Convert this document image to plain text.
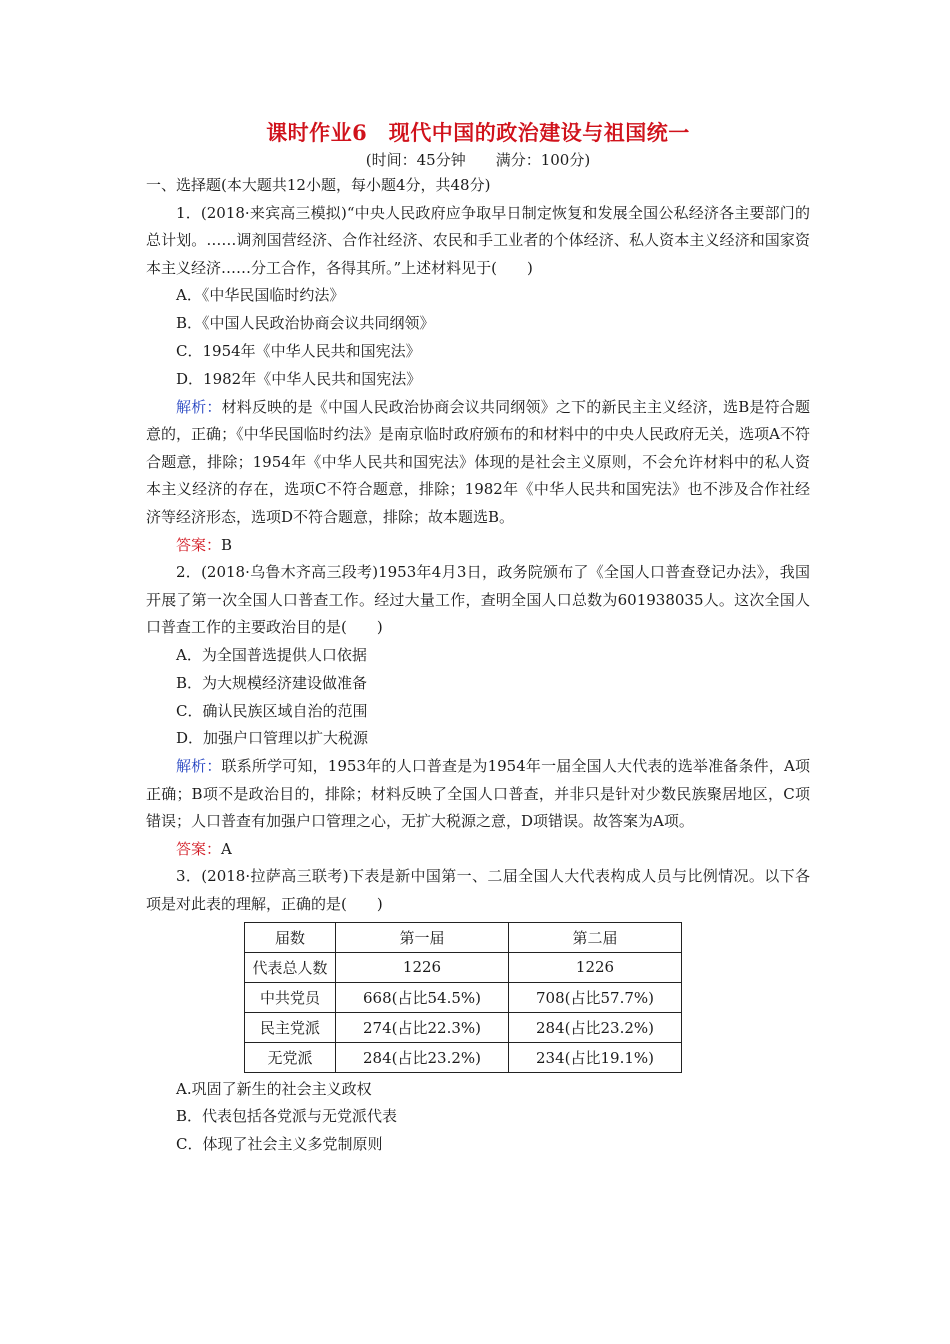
课时作业6　现代中国的政治建设与祖国统一

(时间：45分钟　　满分：100分)

一、选择题(本大题共12小题，每小题4分，共48分)

1．(2018·来宾高三模拟)“中央人民政府应争取早日制定恢复和发展全国公私经济各主要部门的总计划。……调剂国营经济、合作社经济、农民和手工业者的个体经济、私人资本主义经济和国家资本主义经济……分工合作，各得其所。”上述材料见于(　　)

A．《中华民国临时约法》

B．《中国人民政治协商会议共同纲领》

C．1954年《中华人民共和国宪法》

D．1982年《中华人民共和国宪法》

解析：材料反映的是《中国人民政治协商会议共同纲领》之下的新民主主义经济，选B是符合题意的，正确；《中华民国临时约法》是南京临时政府颁布的和材料中的中央人民政府无关，选项A不符合题意，排除；1954年《中华人民共和国宪法》体现的是社会主义原则，不会允许材料中的私人资本主义经济的存在，选项C不符合题意，排除；1982年《中华人民共和国宪法》也不涉及合作社经济等经济形态，选项D不符合题意，排除；故本题选B。

答案：B

2．(2018·乌鲁木齐高三段考)1953年4月3日，政务院颁布了《全国人口普查登记办法》，我国开展了第一次全国人口普查工作。经过大量工作，查明全国人口总数为601938035人。这次全国人口普查工作的主要政治目的是(　　)

A．为全国普选提供人口依据

B．为大规模经济建设做准备

C．确认民族区域自治的范围

D．加强户口管理以扩大税源

解析：联系所学可知，1953年的人口普查是为1954年一届全国人大代表的选举准备条件，A项正确；B项不是政治目的，排除；材料反映了全国人口普查，并非只是针对少数民族聚居地区，C项错误；人口普查有加强户口管理之心，无扩大税源之意，D项错误。故答案为A项。

答案：A

3．(2018·拉萨高三联考)下表是新中国第一、二届全国人大代表构成人员与比例情况。以下各项是对此表的理解，正确的是(　　)

届数	第一届	第二届
代表总人数	1226	1226
中共党员	668(占比54.5%)	708(占比57.7%)
民主党派	274(占比22.3%)	284(占比23.2%)
无党派	284(占比23.2%)	234(占比19.1%)

A.巩固了新生的社会主义政权

B．代表包括各党派与无党派代表

C．体现了社会主义多党制原则
